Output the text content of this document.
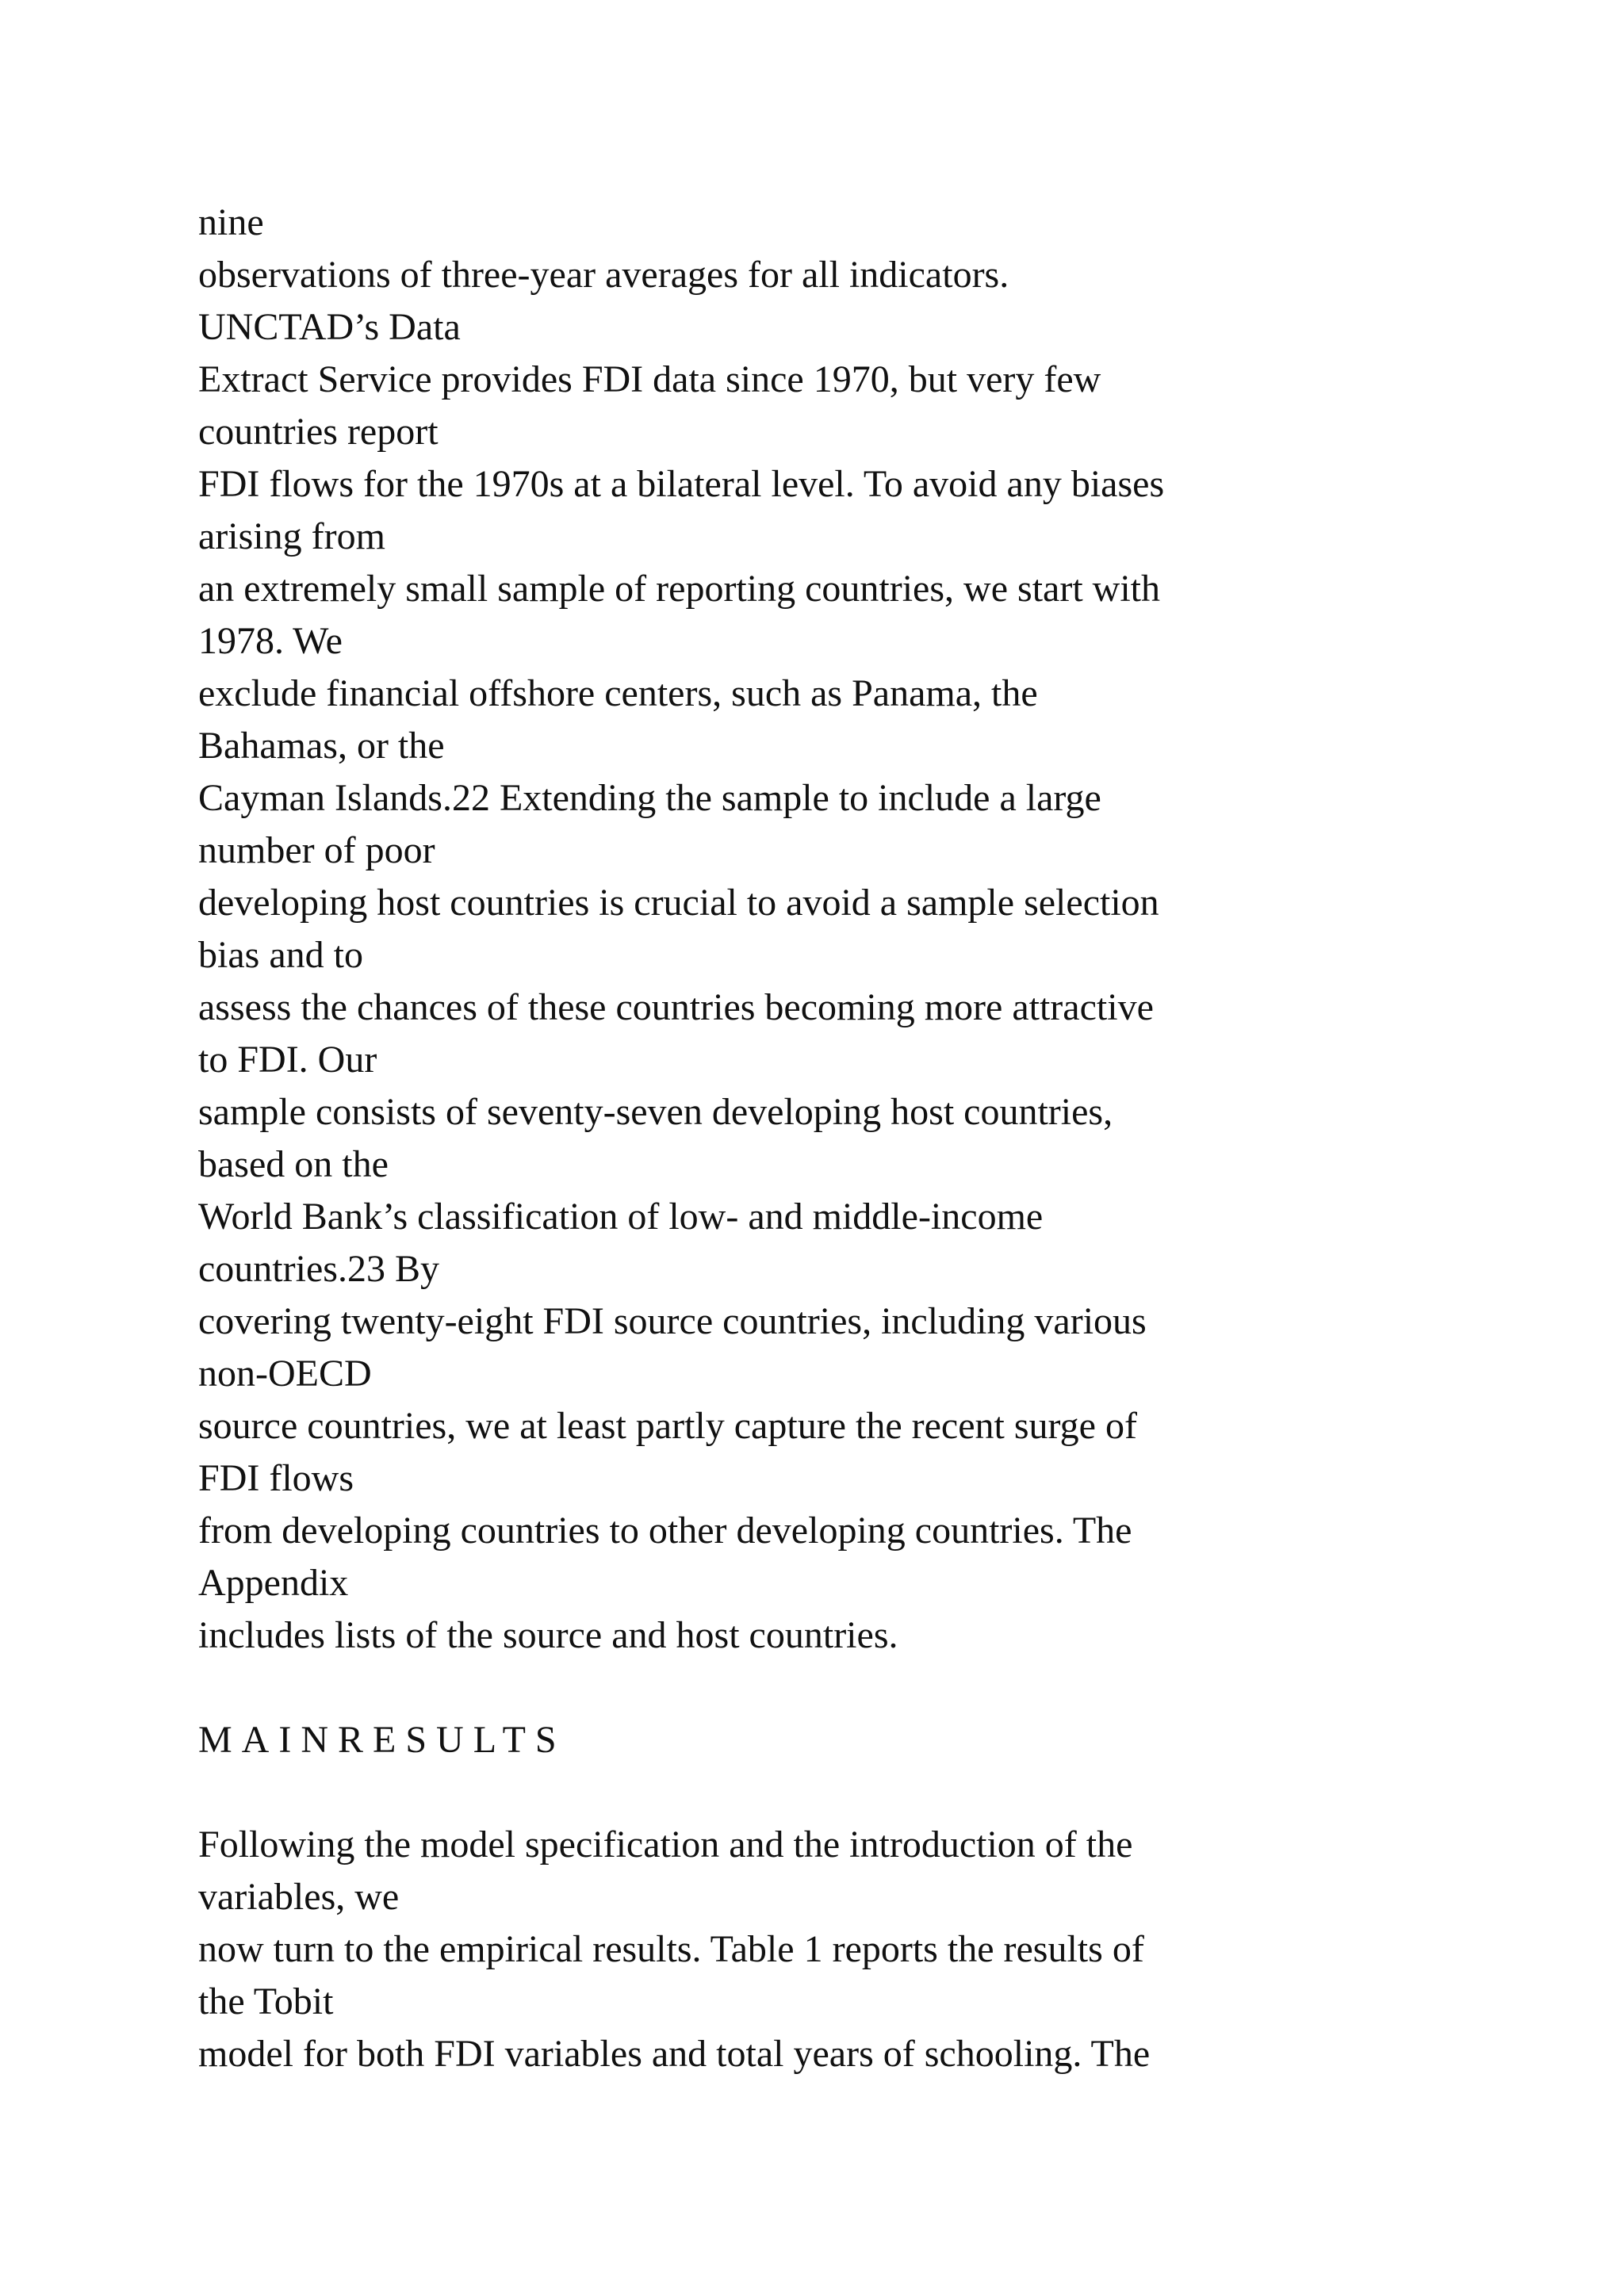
nine
observations of three-year averages for all indicators.
UNCTAD’s Data
Extract Service provides FDI data since 1970, but very few
countries report
FDI flows for the 1970s at a bilateral level. To avoid any biases
arising from
an extremely small sample of reporting countries, we start with
1978. We
exclude financial offshore centers, such as Panama, the
Bahamas, or the
Cayman Islands.22 Extending the sample to include a large
number of poor
developing host countries is crucial to avoid a sample selection
bias and to
assess the chances of these countries becoming more attractive
to FDI. Our
sample consists of seventy-seven developing host countries,
based on the
World Bank’s classification of low- and middle-income
countries.23 By
covering twenty-eight FDI source countries, including various
non-OECD
source countries, we at least partly capture the recent surge of
FDI flows
from developing countries to other developing countries. The
Appendix
includes lists of the source and host countries.
MAINRESULTS
Following the model specification and the introduction of the
variables, we
now turn to the empirical results. Table 1 reports the results of
the Tobit
model for both FDI variables and total years of schooling. The
